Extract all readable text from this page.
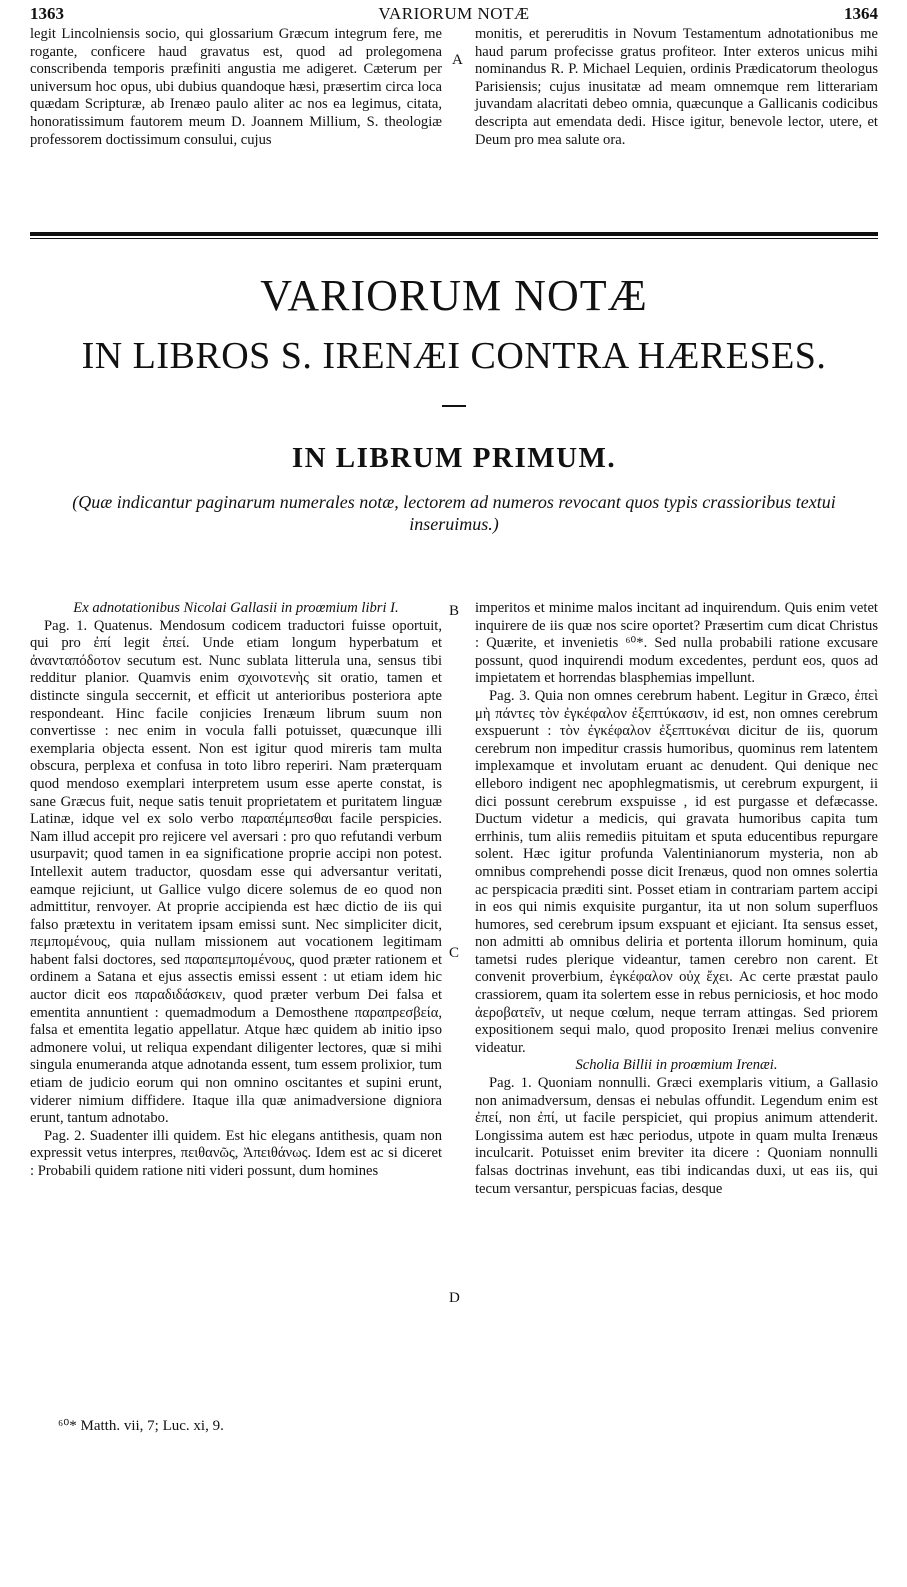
1363	VARIORUM NOTÆ	1364

legit Lincolniensis socio, qui glossarium Græcum integrum fere, me rogante, conficere haud gravatus est, quod ad prolegomena conscribenda temporis præfiniti angustia me adigeret. Cæterum per universum hoc opus, ubi dubius quandoque hæsi, præsertim circa loca quædam Scripturæ, ab Irenæo paulo aliter ac nos ea legimus, citata, honoratissimum fautorem meum D. Joannem Millium, S. theologiæ professorem doctissimum consului, cujus

monitis, et pereruditis in Novum Testamentum adnotationibus me haud parum profecisse gratus profiteor. Inter exteros unicus mihi nominandus R. P. Michael Lequien, ordinis Prædicatorum theologus Parisiensis; cujus inusitatæ ad meam omnemque rem litterariam juvandam alacritati debeo omnia, quæcunque a Gallicanis codicibus descripta aut emendata dedi. Hisce igitur, benevole lector, utere, et Deum pro mea salute ora.

A
VARIORUM NOTÆ
IN LIBROS S. IRENÆI CONTRA HÆRESES.
IN LIBRUM PRIMUM.
(Quæ indicantur paginarum numerales notæ, lectorem ad numeros revocant quos typis crassioribus textui inseruimus.)

Ex adnotationibus Nicolai Gallasii in proœmium libri I.

Pag. 1. Quatenus. Mendosum codicem traductori fuisse oportuit, qui pro ἐπί legit ἐπεί. Unde etiam longum hyperbatum et ἀνανταπόδοτον secutum est. Nunc sublata litterula una, sensus tibi redditur planior. Quamvis enim σχοινοτενὴς sit oratio, tamen et distincte singula seccernit, et efficit ut anterioribus posteriora apte respondeant. Hinc facile conjicies Irenæum librum suum non convertisse : nec enim in vocula falli potuisset, quæcunque illi exemplaria objecta essent. Non est igitur quod mireris tam multa obscura, perplexa et confusa in toto libro reperiri. Nam præterquam quod mendoso exemplari interpretem usum esse aperte constat, is sane Græcus fuit, neque satis tenuit proprietatem et puritatem linguæ Latinæ, idque vel ex solo verbo παραπέμπεσθαι facile perspicies. Nam illud accepit pro rejicere vel aversari : pro quo refutandi verbum usurpavit; quod tamen in ea significatione proprie accipi non potest. Intellexit autem traductor, quosdam esse qui adversantur veritati, eamque rejiciunt, ut Gallice vulgo dicere solemus de eo quod non admittitur, renvoyer. At proprie accipienda est hæc dictio de iis qui falso prætextu in veritatem ipsam emissi sunt. Nec simpliciter dicit, πεμπομένους, quia nullam missionem aut vocationem legitimam habent falsi doctores, sed παραπεμπομένους, quod præter rationem et ordinem a Satana et ejus assectis emissi essent : ut etiam idem hic auctor dicit eos παραδιδάσκειν, quod præter verbum Dei falsa et ementita annuntient : quemadmodum a Demosthene παραπρεσβεία, falsa et ementita legatio appellatur. Atque hæc quidem ab initio ipso admonere volui, ut reliqua expendant diligenter lectores, quæ si mihi singula enumeranda atque adnotanda essent, tum essem prolixior, tum etiam de judicio eorum qui non omnino oscitantes et supini erunt, viderer nimium diffidere. Itaque illa quæ animadversione digniora erunt, tantum adnotabo.

Pag. 2. Suadenter illi quidem. Est hic elegans antithesis, quam non expressit vetus interpres, πειθανῶς, Ἀπειθάνως. Idem est ac si diceret : Probabili quidem ratione niti videri possunt, dum homines

imperitos et minime malos incitant ad inquirendum. Quis enim vetet inquirere de iis quæ nos scire oportet? Præsertim cum dicat Christus : Quærite, et invenietis ⁶⁰*. Sed nulla probabili ratione excusare possunt, quod inquirendi modum excedentes, perdunt eos, quos ad impietatem et horrendas blasphemias impellunt.

Pag. 3. Quia non omnes cerebrum habent. Legitur in Græco, ἐπεὶ μὴ πάντες τὸν ἐγκέφαλον ἐξεπτύκασιν, id est, non omnes cerebrum exspuerunt : τὸν ἐγκέφαλον ἐξεπτυκέναι dicitur de iis, quorum cerebrum non impeditur crassis humoribus, quominus rem latentem implexamque et involutam eruant ac denudent. Qui denique nec elleboro indigent nec apophlegmatismis, ut cerebrum expurgent, ii dici possunt cerebrum exspuisse , id est purgasse et defæcasse. Ductum videtur a medicis, qui gravata humoribus capita tum errhinis, tum aliis remediis pituitam et sputa educentibus repurgare solent. Hæc igitur profunda Valentinianorum mysteria, non ab omnibus comprehendi posse dicit Irenæus, quod non omnes solertia ac perspicacia præditi sint. Posset etiam in contrariam partem accipi in eos qui nimis exquisite purgantur, ita ut non solum superfluos humores, sed cerebrum ipsum exspuant et ejiciant. Ita sensus esset, non admitti ab omnibus deliria et portenta illorum hominum, quia tametsi rudes plerique videantur, tamen cerebro non carent. Et convenit proverbium, ἐγκέφαλον οὐχ ἔχει. Ac certe præstat paulo crassiorem, quam ita solertem esse in rebus perniciosis, et hoc modo ἀεροβατεῖν, ut neque cœlum, neque terram attingas. Sed priorem expositionem sequi malo, quod proposito Irenæi melius convenire videatur.

Scholia Billii in proœmium Irenæi.

Pag. 1. Quoniam nonnulli. Græci exemplaris vitium, a Gallasio non animadversum, densas ei nebulas offundit. Legendum enim est ἐπεί, non ἐπί, ut facile perspiciet, qui propius animum attenderit. Longissima autem est hæc periodus, utpote in quam multa Irenæus inculcarit. Potuisset enim breviter ita dicere : Quoniam nonnulli falsas doctrinas invehunt, eas tibi indicandas duxi, ut eas iis, qui tecum versantur, perspicuas facias, desque

B
C
D
⁶⁰* Matth. vii, 7; Luc. xi, 9.
